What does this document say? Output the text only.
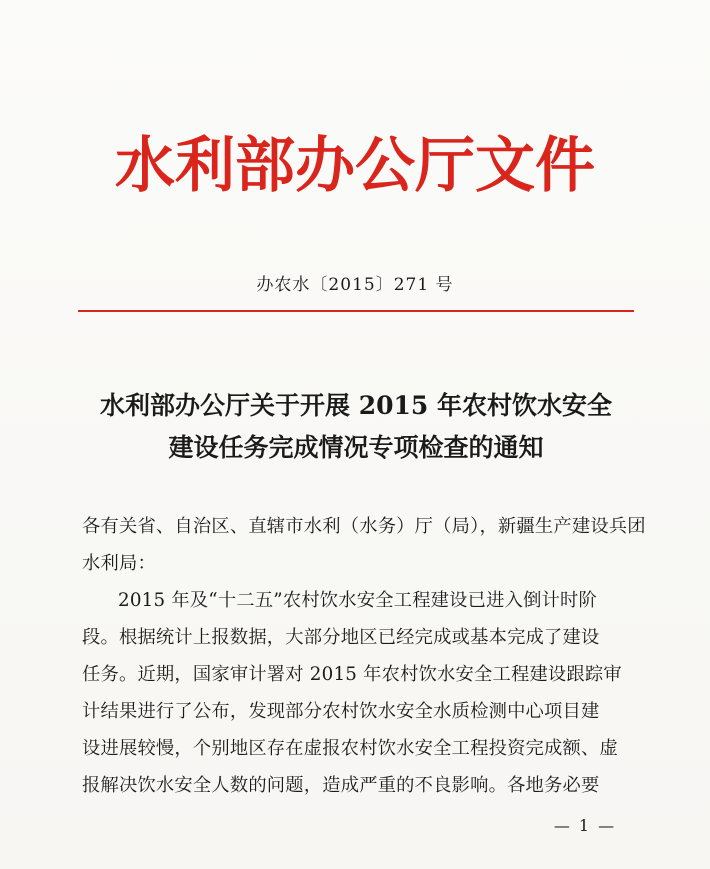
水利部办公厅文件
办农水〔2015〕271 号
水利部办公厅关于开展 2015 年农村饮水安全
建设任务完成情况专项检查的通知
各有关省、自治区、直辖市水利（水务）厅（局），新疆生产建设兵团
水利局：
2015 年及“十二五”农村饮水安全工程建设已进入倒计时阶
段。根据统计上报数据，大部分地区已经完成或基本完成了建设
任务。近期，国家审计署对 2015 年农村饮水安全工程建设跟踪审
计结果进行了公布，发现部分农村饮水安全水质检测中心项目建
设进展较慢，个别地区存在虚报农村饮水安全工程投资完成额、虚
报解决饮水安全人数的问题，造成严重的不良影响。各地务必要
— 1 —
